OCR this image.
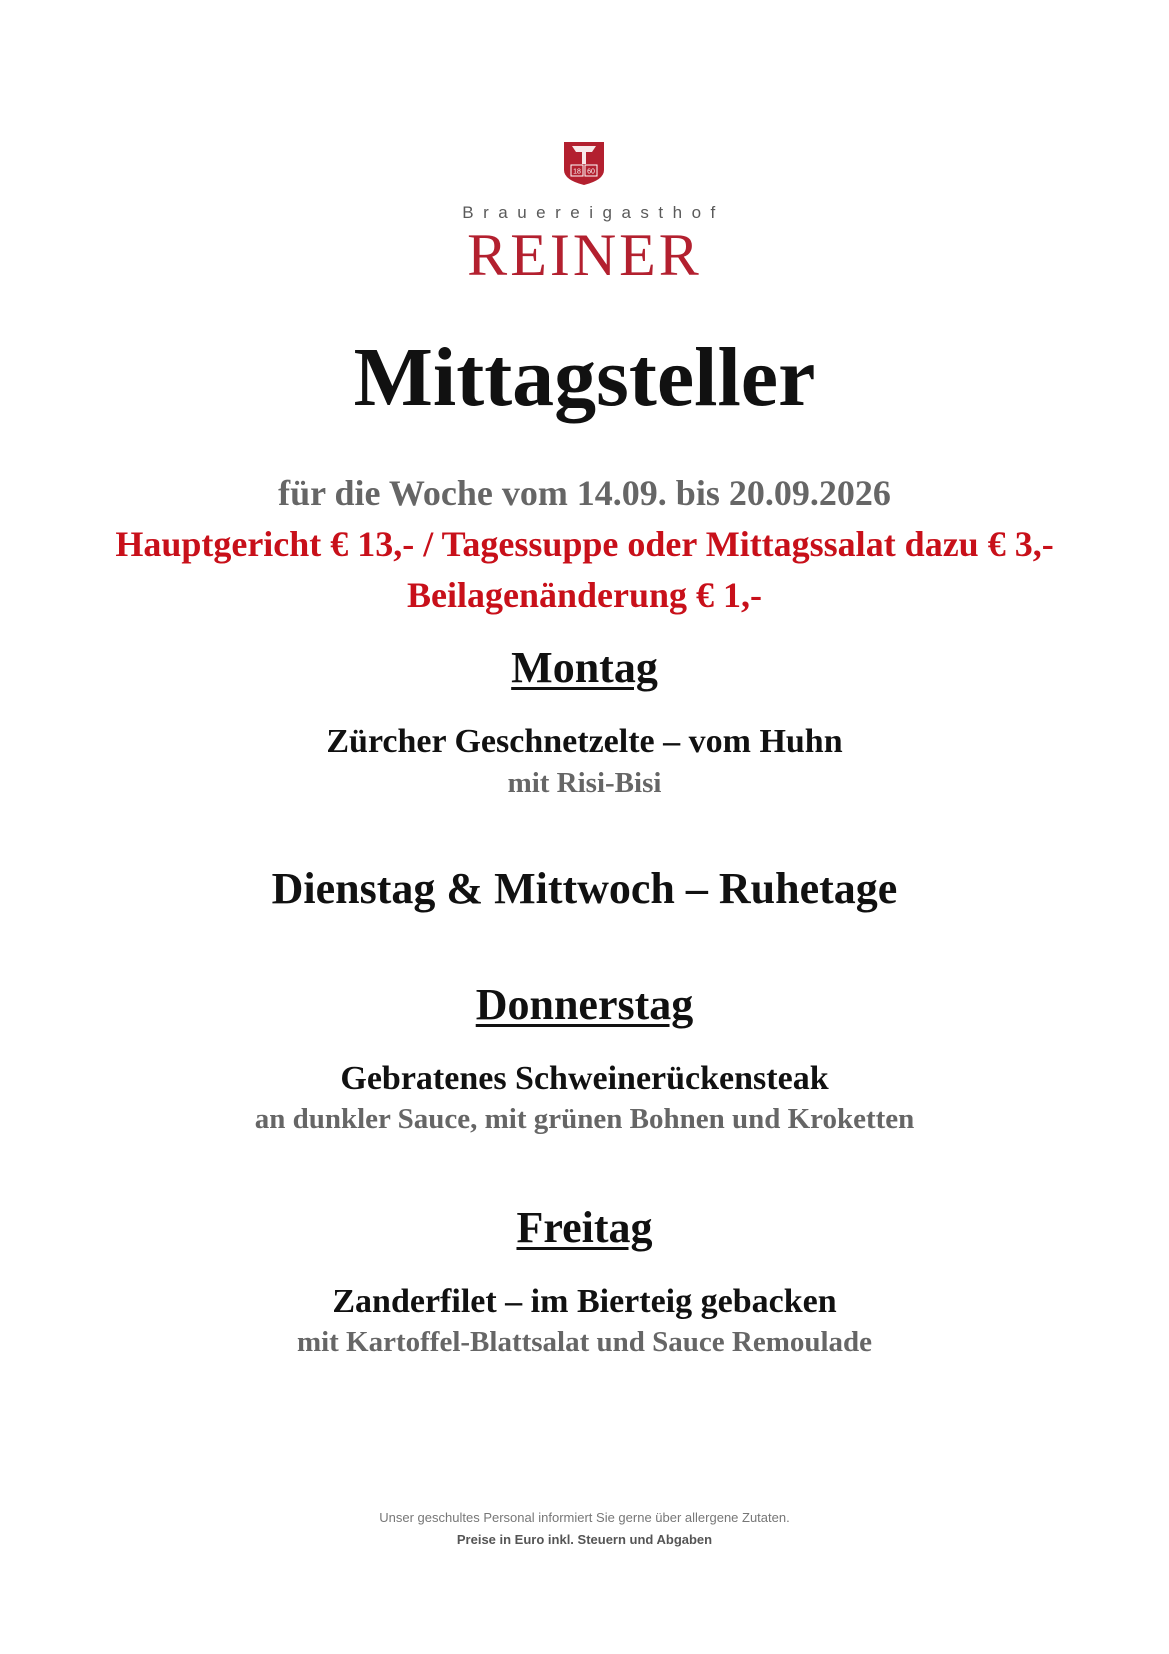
18 60
Brauereigasthof
REINER
Mittagsteller
für die Woche vom 14.09. bis 20.09.2026
Hauptgericht € 13,- / Tagessuppe oder Mittagssalat dazu € 3,-
Beilagenänderung € 1,-
Montag
Zürcher Geschnetzelte – vom Huhn
mit Risi-Bisi
Dienstag & Mittwoch – Ruhetage
Donnerstag
Gebratenes Schweinerückensteak
an dunkler Sauce, mit grünen Bohnen und Kroketten
Freitag
Zanderfilet – im Bierteig gebacken
mit Kartoffel-Blattsalat und Sauce Remoulade
Unser geschultes Personal informiert Sie gerne über allergene Zutaten.
Preise in Euro inkl. Steuern und Abgaben
